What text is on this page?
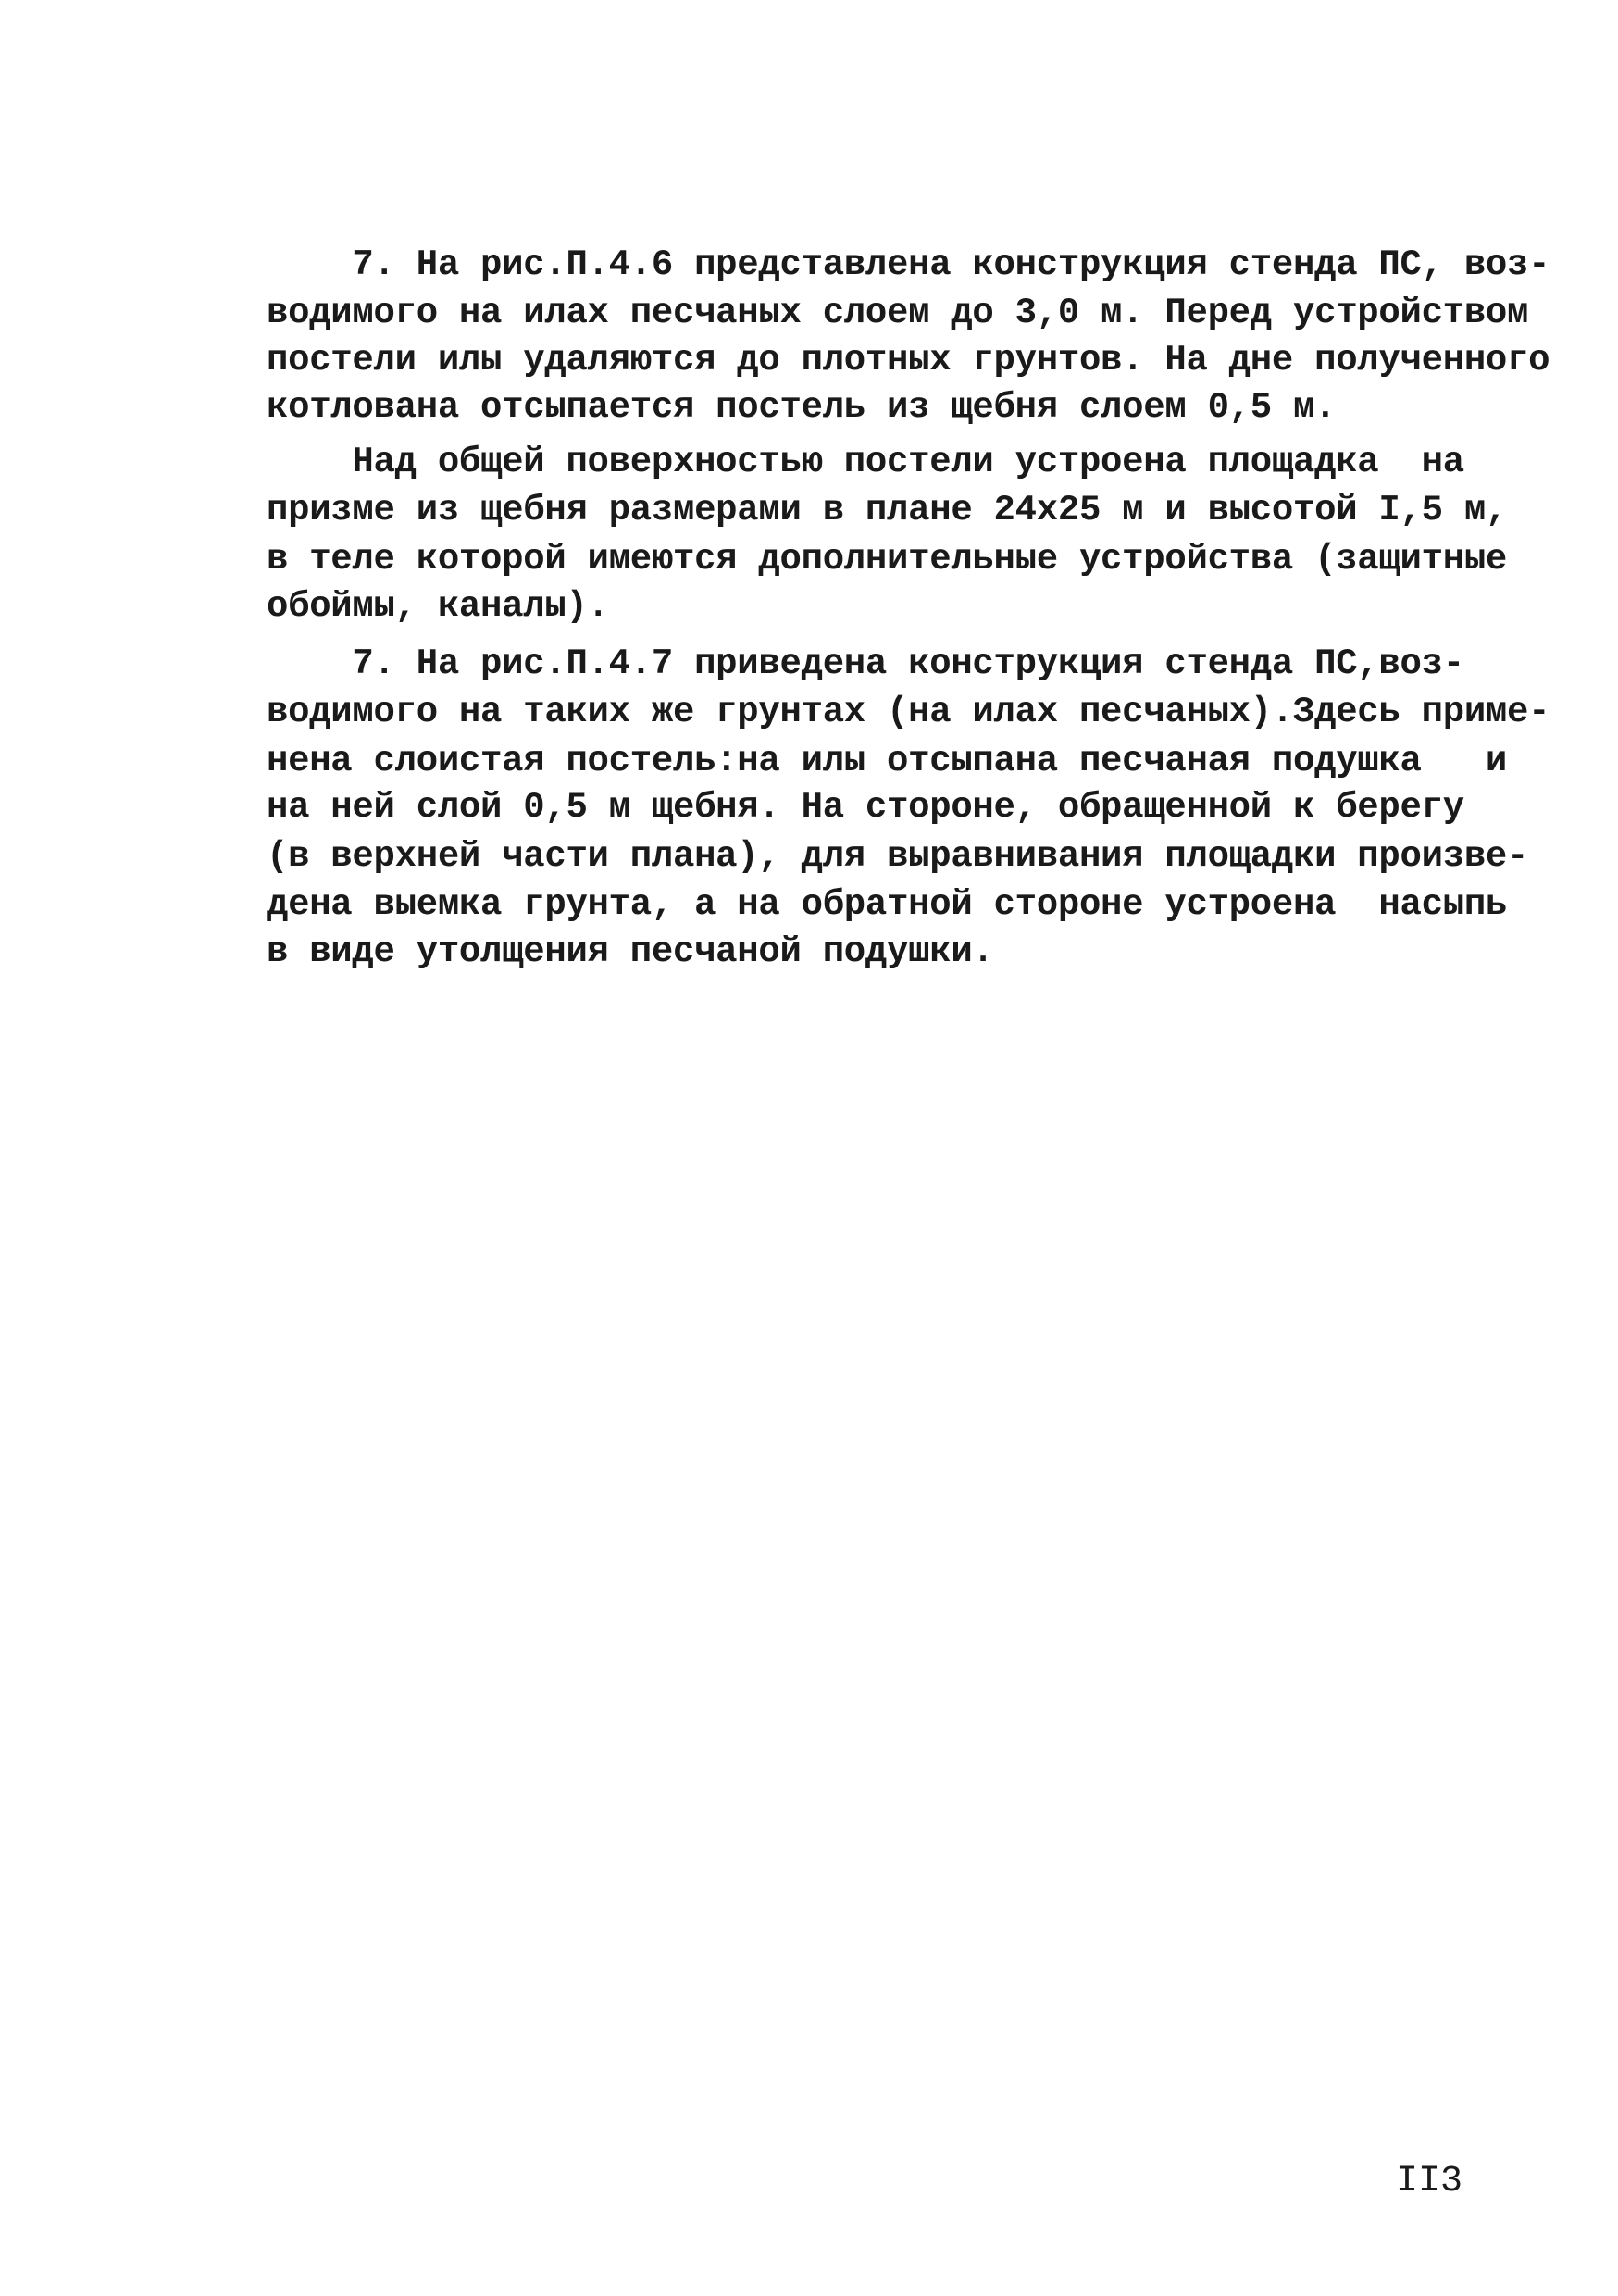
7. На рис.П.4.6 представлена конструкция стенда ПС, воз-
водимого на илах песчаных слоем до 3,0 м. Перед устройством
постели илы удаляются до плотных грунтов. На дне полученного
котлована отсыпается постель из щебня слоем 0,5 м.
Над общей поверхностью постели устроена площадка  на
призме из щебня размерами в плане 24х25 м и высотой I,5 м,
в теле которой имеются дополнительные устройства (защитные
обоймы, каналы).
7. На рис.П.4.7 приведена конструкция стенда ПС,воз-
водимого на таких же грунтах (на илах песчаных).Здесь приме-
нена слоистая постель:на илы отсыпана песчаная подушка   и
на ней слой 0,5 м щебня. На стороне, обращенной к берегу
(в верхней части плана), для выравнивания площадки произве-
дена выемка грунта, а на обратной стороне устроена  насыпь
в виде утолщения песчаной подушки.
II3
